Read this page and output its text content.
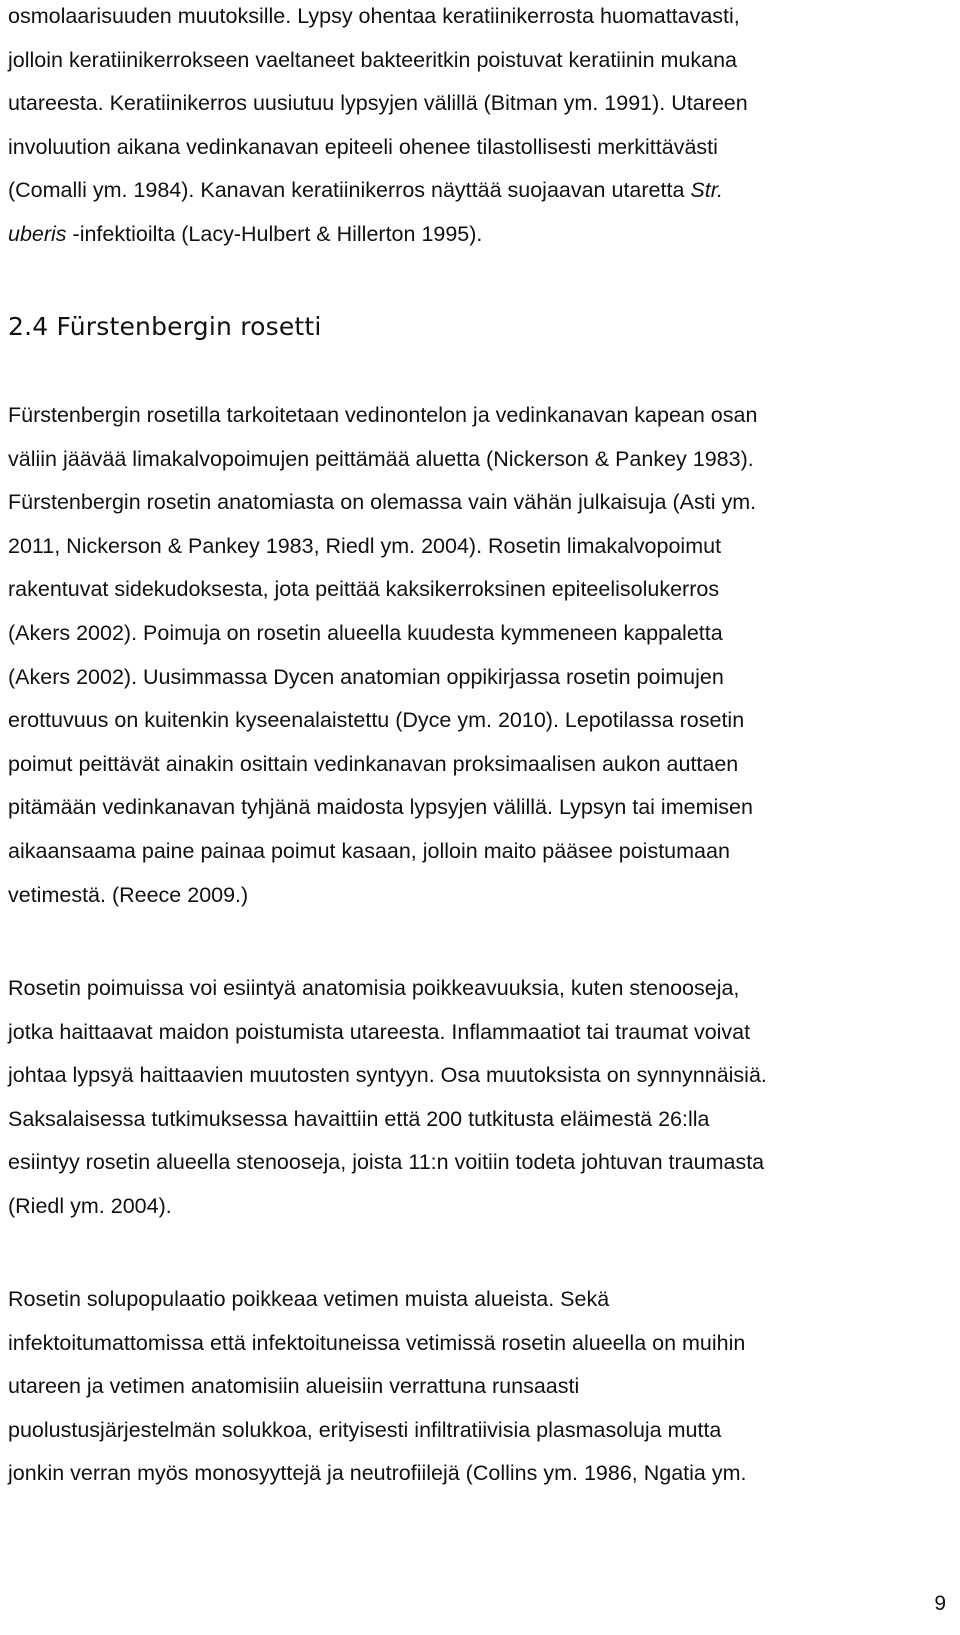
osmolaarisuuden muutoksille. Lypsy ohentaa keratiinikerrosta huomattavasti,
jolloin keratiinikerrokseen vaeltaneet bakteeritkin poistuvat keratiinin mukana
utareesta. Keratiinikerros uusiutuu lypsyjen välillä (Bitman ym. 1991). Utareen
involuution aikana vedinkanavan epiteeli ohenee tilastollisesti merkittävästi
(Comalli ym. 1984). Kanavan keratiinikerros näyttää suojaavan utaretta Str.
uberis -infektioilta (Lacy-Hulbert & Hillerton 1995).
2.4 Fürstenbergin rosetti
Fürstenbergin rosetilla tarkoitetaan vedinontelon ja vedinkanavan kapean osan
väliin jäävää limakalvopoimujen peittämää aluetta (Nickerson & Pankey 1983).
Fürstenbergin rosetin anatomiasta on olemassa vain vähän julkaisuja (Asti ym.
2011, Nickerson & Pankey 1983, Riedl ym. 2004). Rosetin limakalvopoimut
rakentuvat sidekudoksesta, jota peittää kaksikerroksinen epiteelisolukerros
(Akers 2002). Poimuja on rosetin alueella kuudesta kymmeneen kappaletta
(Akers 2002). Uusimmassa Dycen anatomian oppikirjassa rosetin poimujen
erottuvuus on kuitenkin kyseenalaistettu (Dyce ym. 2010). Lepotilassa rosetin
poimut peittävät ainakin osittain vedinkanavan proksimaalisen aukon auttaen
pitämään vedinkanavan tyhjänä maidosta lypsyjen välillä. Lypsyn tai imemisen
aikaansaama paine painaa poimut kasaan, jolloin maito pääsee poistumaan
vetimestä. (Reece 2009.)
Rosetin poimuissa voi esiintyä anatomisia poikkeavuuksia, kuten stenooseja,
jotka haittaavat maidon poistumista utareesta. Inflammaatiot tai traumat voivat
johtaa lypsyä haittaavien muutosten syntyyn. Osa muutoksista on synnynnäisiä.
Saksalaisessa tutkimuksessa havaittiin että 200 tutkitusta eläimestä 26:lla
esiintyy rosetin alueella stenooseja, joista 11:n voitiin todeta johtuvan traumasta
(Riedl ym. 2004).
Rosetin solupopulaatio poikkeaa vetimen muista alueista. Sekä
infektoitumattomissa että infektoituneissa vetimissä rosetin alueella on muihin
utareen ja vetimen anatomisiin alueisiin verrattuna runsaasti
puolustusjärjestelmän solukkoa, erityisesti infiltratiivisia plasmasoluja mutta
jonkin verran myös monosyyttejä ja neutrofiilejä (Collins ym. 1986, Ngatia ym.

9
